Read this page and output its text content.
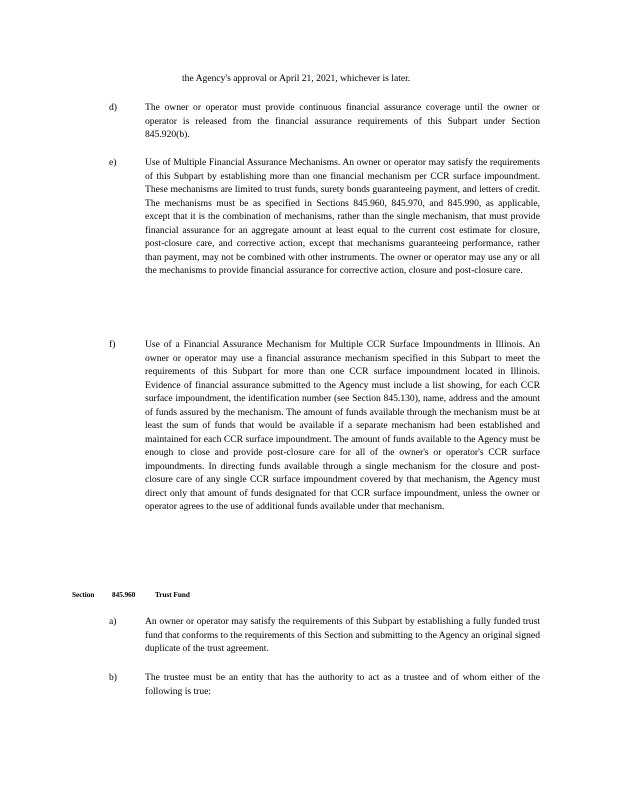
the Agency's approval or April 21, 2021, whichever is later.
d)	The owner or operator must provide continuous financial assurance coverage until the owner or operator is released from the financial assurance requirements of this Subpart under Section 845.920(b).
e)	Use of Multiple Financial Assurance Mechanisms. An owner or operator may satisfy the requirements of this Subpart by establishing more than one financial mechanism per CCR surface impoundment. These mechanisms are limited to trust funds, surety bonds guaranteeing payment, and letters of credit. The mechanisms must be as specified in Sections 845.960, 845.970, and 845.990, as applicable, except that it is the combination of mechanisms, rather than the single mechanism, that must provide financial assurance for an aggregate amount at least equal to the current cost estimate for closure, post-closure care, and corrective action, except that mechanisms guaranteeing performance, rather than payment, may not be combined with other instruments. The owner or operator may use any or all the mechanisms to provide financial assurance for corrective action, closure and post-closure care.
f)	Use of a Financial Assurance Mechanism for Multiple CCR Surface Impoundments in Illinois. An owner or operator may use a financial assurance mechanism specified in this Subpart to meet the requirements of this Subpart for more than one CCR surface impoundment located in Illinois. Evidence of financial assurance submitted to the Agency must include a list showing, for each CCR surface impoundment, the identification number (see Section 845.130), name, address and the amount of funds assured by the mechanism. The amount of funds available through the mechanism must be at least the sum of funds that would be available if a separate mechanism had been established and maintained for each CCR surface impoundment. The amount of funds available to the Agency must be enough to close and provide post-closure care for all of the owner's or operator's CCR surface impoundments. In directing funds available through a single mechanism for the closure and post-closure care of any single CCR surface impoundment covered by that mechanism, the Agency must direct only that amount of funds designated for that CCR surface impoundment, unless the owner or operator agrees to the use of additional funds available under that mechanism.
Section 845.960	Trust Fund
a)	An owner or operator may satisfy the requirements of this Subpart by establishing a fully funded trust fund that conforms to the requirements of this Section and submitting to the Agency an original signed duplicate of the trust agreement.
b)	The trustee must be an entity that has the authority to act as a trustee and of whom either of the following is true:
